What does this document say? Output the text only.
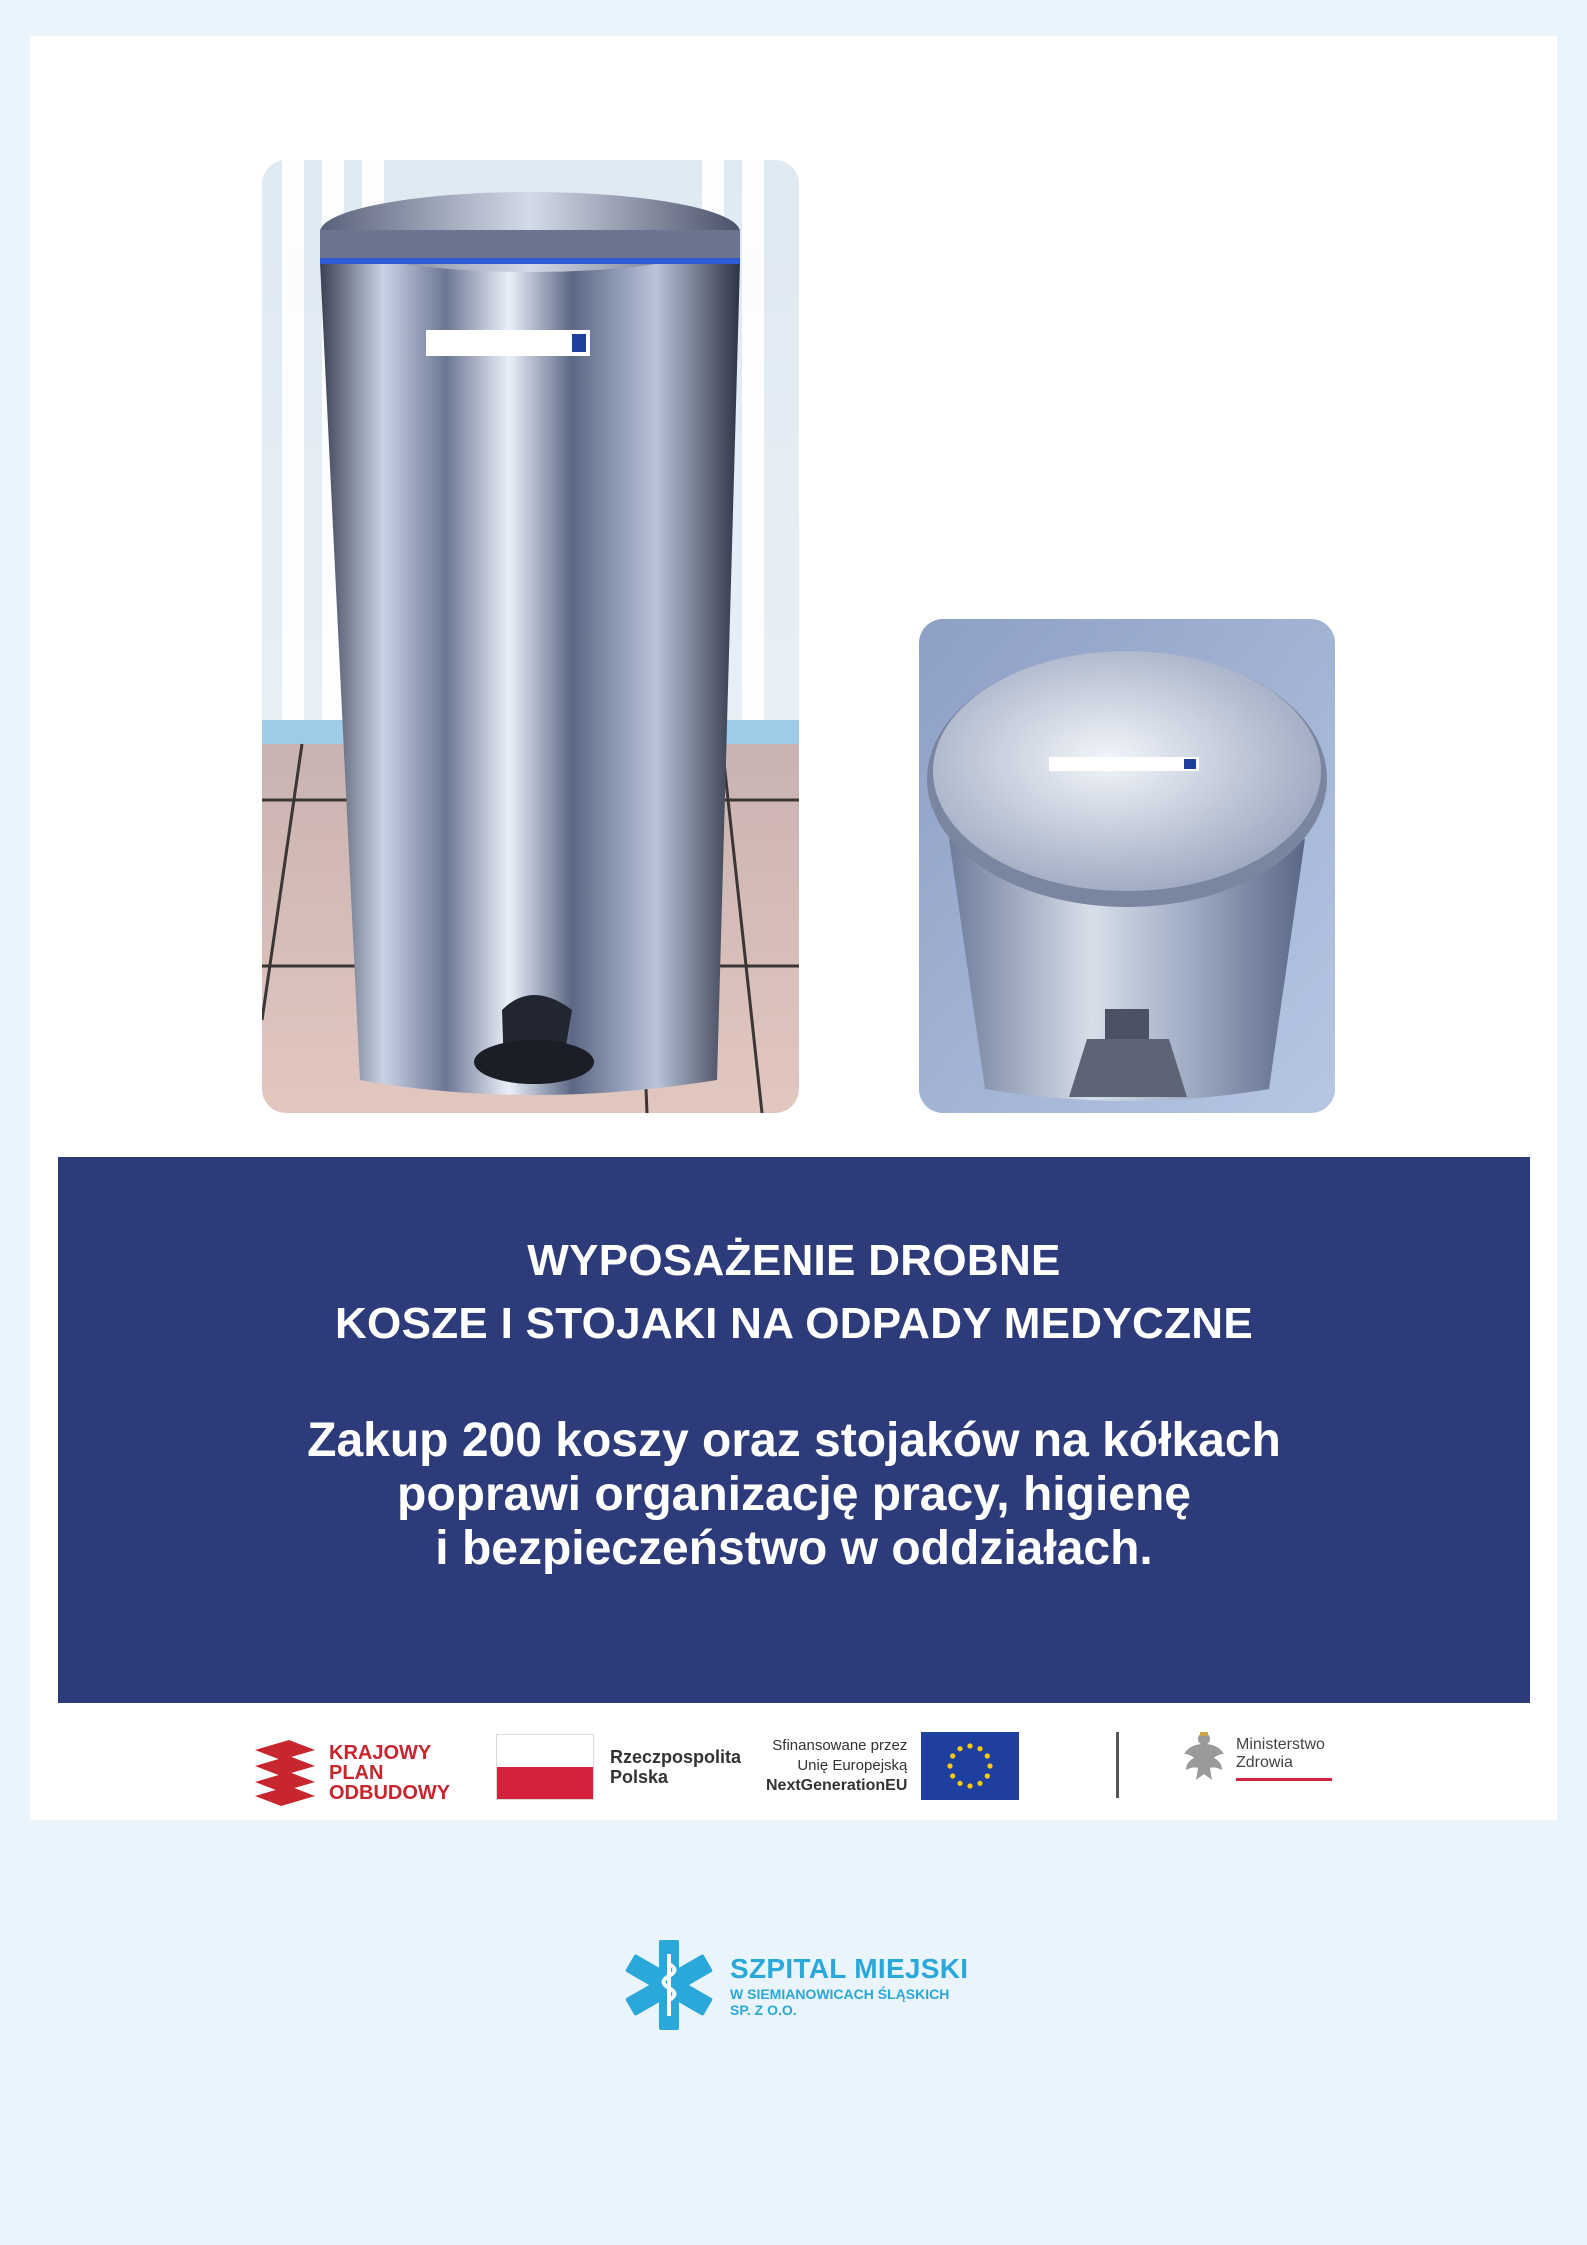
WYPOSAŻENIE DROBNE
KOSZE I STOJAKI NA ODPADY MEDYCZNE

Zakup 200 koszy oraz stojaków na kółkach
poprawi organizację pracy, higienę
i bezpieczeństwo w oddziałach.

KRAJOWY
PLAN
ODBUDOWY
Rzeczpospolita
Polska
Sfinansowane przez
Unię Europejską
NextGenerationEU
Ministerstwo
Zdrowia
SZPITAL MIEJSKI
W SIEMIANOWICACH ŚLĄSKICH
SP. Z O.O.
